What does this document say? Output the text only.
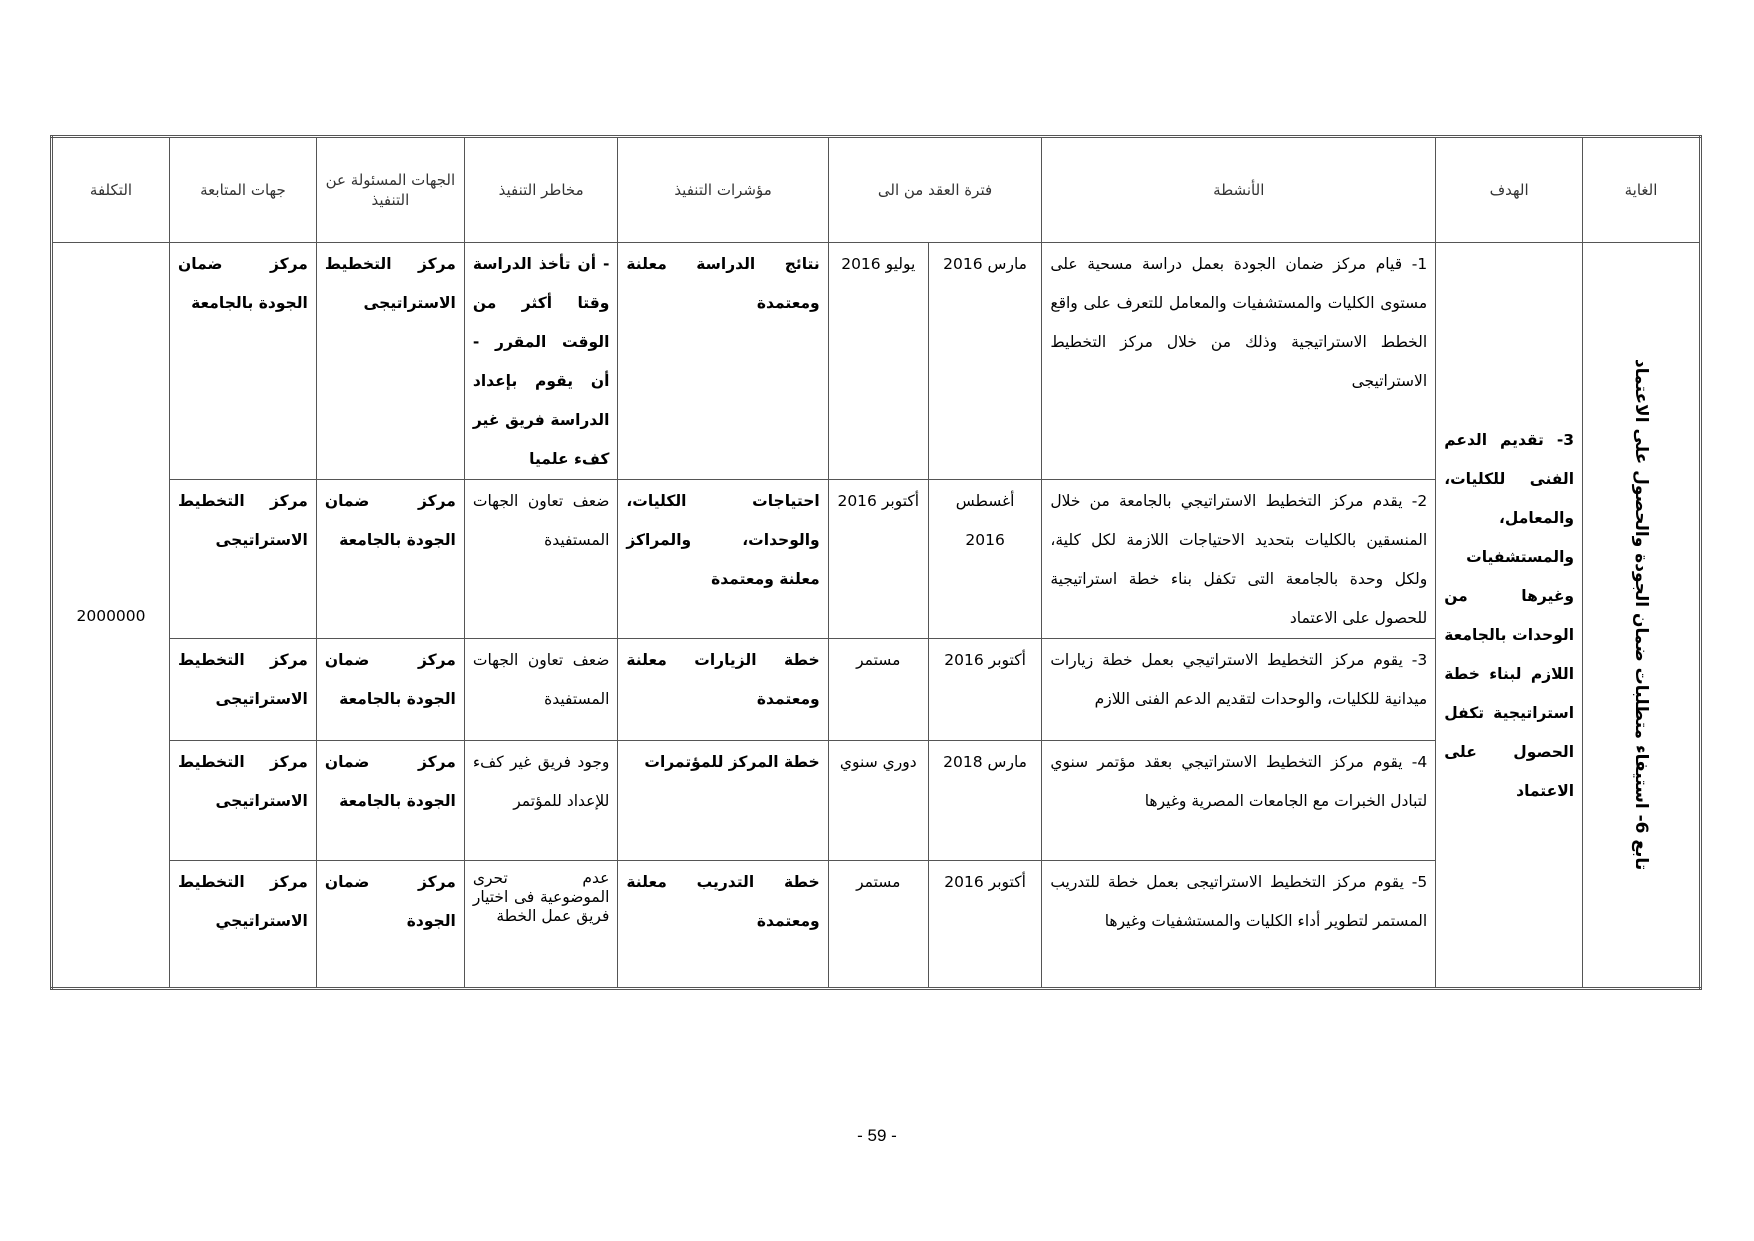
الغاية	الهدف	الأنشطة	فترة العقد من الى		مؤشرات التنفيذ	مخاطر التنفيذ	الجهات المسئولة عن التنفيذ	جهات المتابعة	التكلفة

تابع 6- استيفاء متطلبات ضمان الجودة والحصول على الاعتماد	3- تقديم الدعم الفنى للكليات، والمعامل، والمستشفيات وغيرها من الوحدات بالجامعة اللازم لبناء خطة استراتيجية تكفل الحصول على الاعتماد	1- قيام مركز ضمان الجودة بعمل دراسة مسحية على مستوى الكليات والمستشفيات والمعامل للتعرف على واقع الخطط الاستراتيجية وذلك من خلال مركز التخطيط الاستراتيجى	مارس 2016	يوليو 2016	نتائج الدراسة معلنة ومعتمدة	- أن تأخذ الدراسة وقتا أكثر من الوقت المقرر - أن يقوم بإعداد الدراسة فريق غير كفء علميا	مركز التخطيط الاستراتيجى	مركز ضمان الجودة بالجامعة	2000000
		2- يقدم مركز التخطيط الاستراتيجي بالجامعة من خلال المنسقين بالكليات بتحديد الاحتياجات اللازمة لكل كلية، ولكل وحدة بالجامعة التى تكفل بناء خطة استراتيجية للحصول على الاعتماد	أغسطس 2016	أكتوبر 2016	احتياجات الكليات، والوحدات، والمراكز معلنة ومعتمدة	ضعف تعاون الجهات المستفيدة	مركز ضمان الجودة بالجامعة	مركز التخطيط الاستراتيجى	
		3- يقوم مركز التخطيط الاستراتيجي بعمل خطة زيارات ميدانية للكليات، والوحدات لتقديم الدعم الفنى اللازم	أكتوبر 2016	مستمر	خطة الزيارات معلنة ومعتمدة	ضعف تعاون الجهات المستفيدة	مركز ضمان الجودة بالجامعة	مركز التخطيط الاستراتيجى	
		4- يقوم مركز التخطيط الاستراتيجي بعقد مؤتمر سنوي لتبادل الخبرات مع الجامعات المصرية وغيرها	مارس 2018	دوري سنوي	خطة المركز للمؤتمرات	وجود فريق غير كفء للإعداد للمؤتمر	مركز ضمان الجودة بالجامعة	مركز التخطيط الاستراتيجى	
		5- يقوم مركز التخطيط الاستراتيجى بعمل خطة للتدريب المستمر لتطوير أداء الكليات والمستشفيات وغيرها	أكتوبر 2016	مستمر	خطة التدريب معلنة ومعتمدة	عدم تحرى الموضوعية فى اختيار فريق عمل الخطة	مركز ضمان الجودة	مركز التخطيط الاستراتيجي	
- 59 -
